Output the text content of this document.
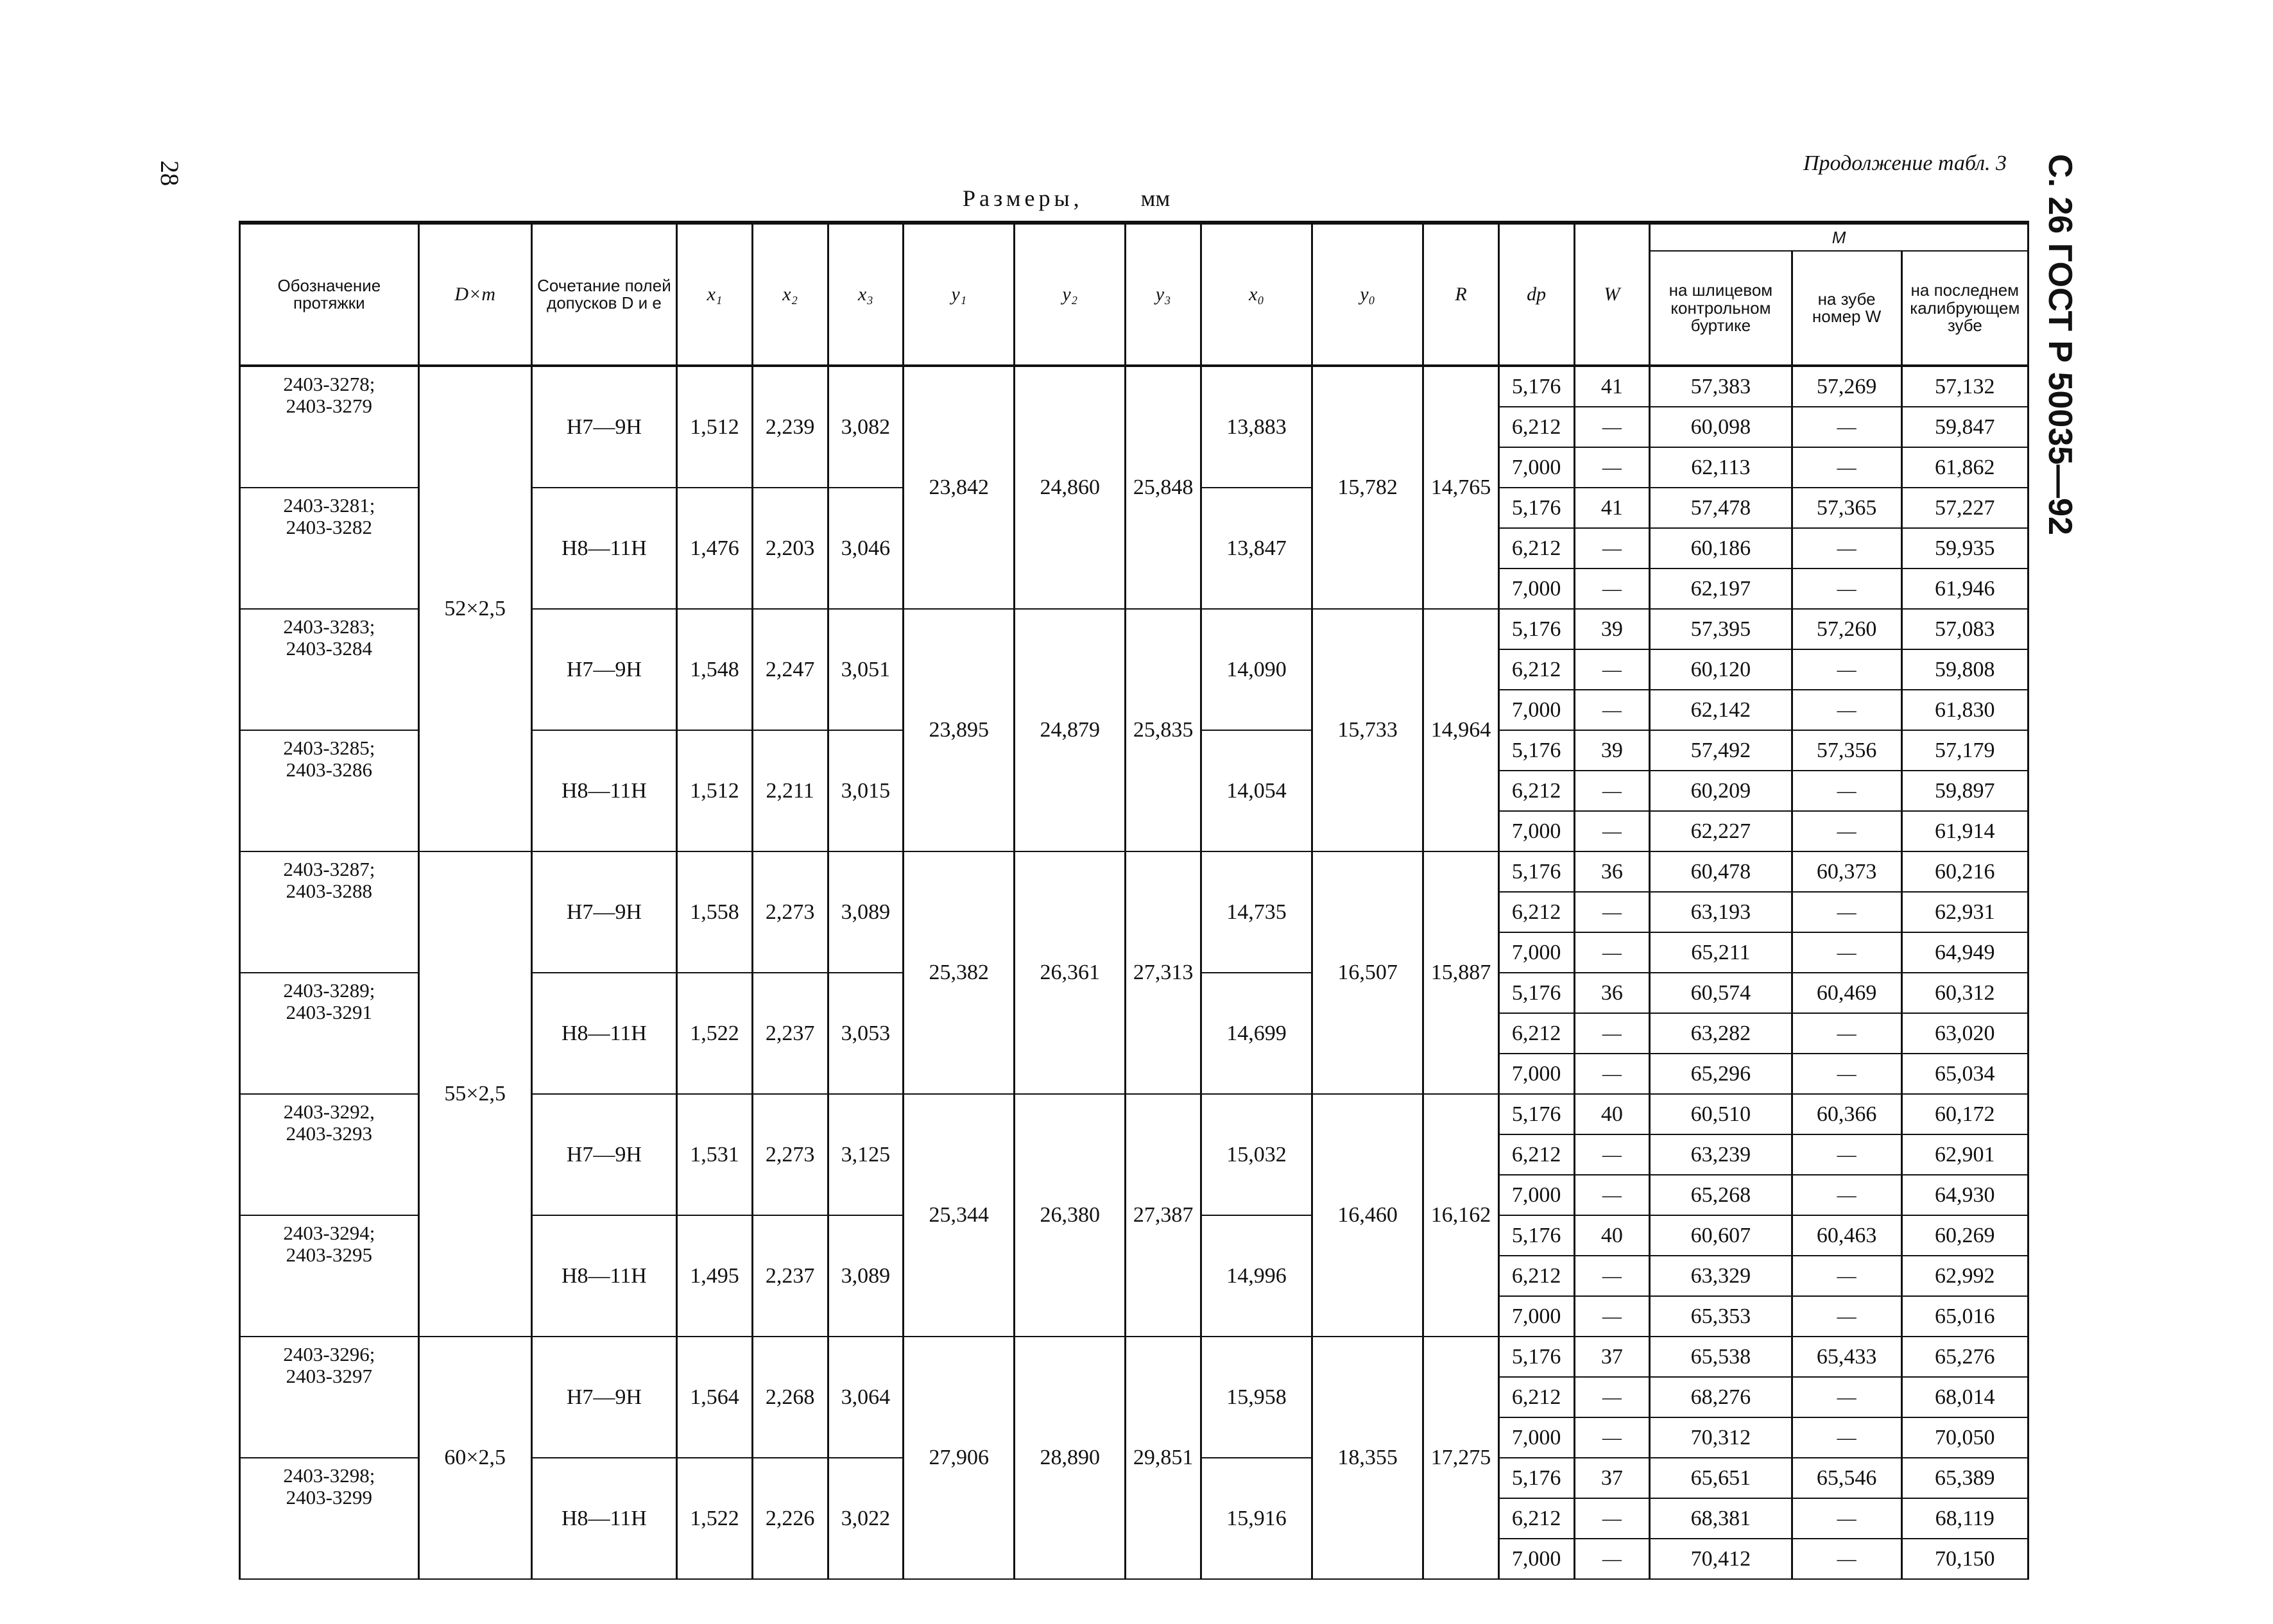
28	Продолжение табл. 3 С. 26 ГОСТ Р 50035—92
Размеры,	мм
Обозначение протяжки	D×m	Сочетание полей допусков D и е	x₁	x₂	x₃	y₁	y₂	y₃	x₀	y₀	R	dp	W	M		
														на шлицевом контрольном буртике	на зубе номер W	на последнем калибрующем зубе
2403-3278;
2403-3279	52×2,5	H7—9H	1,512	2,239	3,082	23,842	24,860	25,848	13,883	15,782	14,765	5,176	41	57,383	57,269	57,132
												6,212	—	60,098	—	59,847
												7,000	—	62,113	—	61,862
2403-3281;
2403-3282		H8—11H	1,476	2,203	3,046				13,847			5,176	41	57,478	57,365	57,227
												6,212	—	60,186	—	59,935
												7,000	—	62,197	—	61,946
2403-3283;
2403-3284		H7—9H	1,548	2,247	3,051	23,895	24,879	25,835	14,090	15,733	14,964	5,176	39	57,395	57,260	57,083
												6,212	—	60,120	—	59,808
												7,000	—	62,142	—	61,830
2403-3285;
2403-3286		H8—11H	1,512	2,211	3,015				14,054			5,176	39	57,492	57,356	57,179
												6,212	—	60,209	—	59,897
												7,000	—	62,227	—	61,914
2403-3287;
2403-3288	55×2,5	H7—9H	1,558	2,273	3,089	25,382	26,361	27,313	14,735	16,507	15,887	5,176	36	60,478	60,373	60,216
												6,212	—	63,193	—	62,931
												7,000	—	65,211	—	64,949
2403-3289;
2403-3291		H8—11H	1,522	2,237	3,053				14,699			5,176	36	60,574	60,469	60,312
												6,212	—	63,282	—	63,020
												7,000	—	65,296	—	65,034
2403-3292,
2403-3293		H7—9H	1,531	2,273	3,125	25,344	26,380	27,387	15,032	16,460	16,162	5,176	40	60,510	60,366	60,172
												6,212	—	63,239	—	62,901
												7,000	—	65,268	—	64,930
2403-3294;
2403-3295		H8—11H	1,495	2,237	3,089				14,996			5,176	40	60,607	60,463	60,269
												6,212	—	63,329	—	62,992
												7,000	—	65,353	—	65,016
2403-3296;
2403-3297	60×2,5	H7—9H	1,564	2,268	3,064	27,906	28,890	29,851	15,958	18,355	17,275	5,176	37	65,538	65,433	65,276
												6,212	—	68,276	—	68,014
												7,000	—	70,312	—	70,050
2403-3298;
2403-3299		H8—11H	1,522	2,226	3,022				15,916			5,176	37	65,651	65,546	65,389
												6,212	—	68,381	—	68,119
												7,000	—	70,412	—	70,150
